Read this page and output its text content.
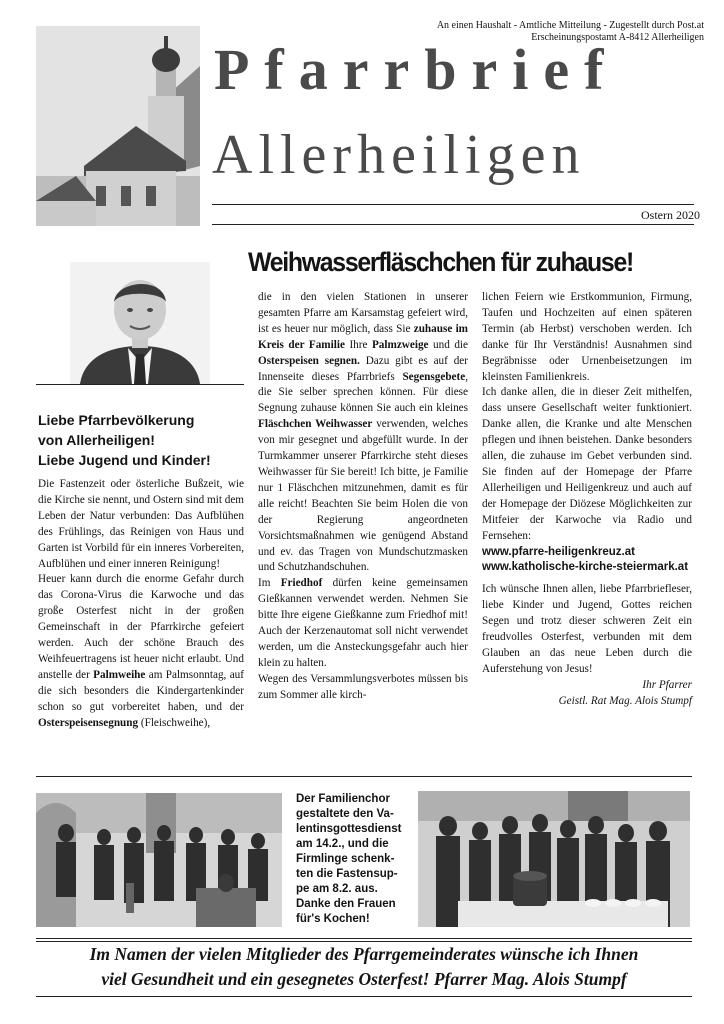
An einen Haushalt - Amtliche Mitteilung - Zugestellt durch Post.at
Erscheinungspostamt A-8412 Allerheiligen
Pfarrbrief
Allerheiligen
Ostern 2020
Weihwasserfläschchen für zuhause!
Liebe Pfarrbevölkerung
von Allerheiligen!
Liebe Jugend und Kinder!

Die Fastenzeit oder österliche Bußzeit, wie die Kirche sie nennt, und Ostern sind mit dem Leben der Natur verbunden: Das Aufblühen des Frühlings, das Reinigen von Haus und Garten ist Vorbild für ein inneres Vorbereiten, Aufblühen und einer inneren Reinigung!

Heuer kann durch die enorme Gefahr durch das Corona-Virus die Karwoche und das große Osterfest nicht in der großen Gemeinschaft in der Pfarrkirche gefeiert werden. Auch der schöne Brauch des Weihfeuertragens ist heuer nicht erlaubt. Und anstelle der Palmweihe am Palmsonntag, auf die sich besonders die Kindergartenkinder schon so gut vorbereitet haben, und der Osterspeisensegnung (Fleischweihe),

die in den vielen Stationen in unserer gesamten Pfarre am Karsamstag gefeiert wird, ist es heuer nur möglich, dass Sie zuhause im Kreis der Familie Ihre Palmzweige und die Osterspeisen segnen. Dazu gibt es auf der Innenseite dieses Pfarrbriefs Segensgebete, die Sie selber sprechen können. Für diese Segnung zuhause können Sie auch ein kleines Fläschchen Weihwasser verwenden, welches von mir gesegnet und abgefüllt wurde. In der Turmkammer unserer Pfarrkirche steht dieses Weihwasser für Sie bereit! Ich bitte, je Familie nur 1 Fläschchen mitzunehmen, damit es für alle reicht! Beachten Sie beim Holen die von der Regierung angeordneten Vorsichtsmaßnahmen wie genügend Abstand und ev. das Tragen von Mundschutzmasken und Schutzhandschuhen.

Im Friedhof dürfen keine gemeinsamen Gießkannen verwendet werden. Nehmen Sie bitte Ihre eigene Gießkanne zum Friedhof mit! Auch der Kerzenautomat soll nicht verwendet werden, um die Ansteckungsgefahr auch hier klein zu halten.

Wegen des Versammlungsverbotes müssen bis zum Sommer alle kirch-

lichen Feiern wie Erstkommunion, Firmung, Taufen und Hochzeiten auf einen späteren Termin (ab Herbst) verschoben werden. Ich danke für Ihr Verständnis! Ausnahmen sind Begräbnisse oder Urnenbeisetzungen im kleinsten Familienkreis.

Ich danke allen, die in dieser Zeit mithelfen, dass unsere Gesellschaft weiter funktioniert. Danke allen, die Kranke und alte Menschen pflegen und ihnen beistehen. Danke besonders allen, die zuhause im Gebet verbunden sind. Sie finden auf der Homepage der Pfarre Allerheiligen und Heiligenkreuz und auch auf der Homepage der Diözese Möglichkeiten zur Mitfeier der Karwoche via Radio und Fernsehen:

www.pfarre-heiligenkreuz.at
www.katholische-kirche-steiermark.at

Ich wünsche Ihnen allen, liebe Pfarrbriefleser, liebe Kinder und Jugend, Gottes reichen Segen und trotz dieser schweren Zeit ein freudvolles Osterfest, verbunden mit dem Glauben an das neue Leben durch die Auferstehung von Jesus!

Ihr Pfarrer
Geistl. Rat Mag. Alois Stumpf
Der Familienchor
gestaltete den Va-
lentinsgottesdienst
am 14.2., und die
Firmlinge schenk-
ten die Fastensup-
pe am 8.2. aus.
Danke den Frauen
für's Kochen!
Im Namen der vielen Mitglieder des Pfarrgemeinderates wünsche ich Ihnen
viel Gesundheit und ein gesegnetes Osterfest! Pfarrer Mag. Alois Stumpf
